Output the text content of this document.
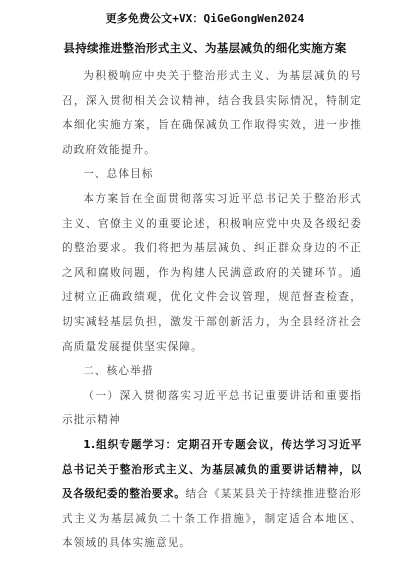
更多免费公文+VX：QiGeGongWen2024
县持续推进整治形式主义、为基层减负的细化实施方案

为积极响应中央关于整治形式主义、为基层减负的号召，深入贯彻相关会议精神，结合我县实际情况，特制定本细化实施方案，旨在确保减负工作取得实效，进一步推动政府效能提升。

一、总体目标

本方案旨在全面贯彻落实习近平总书记关于整治形式主义、官僚主义的重要论述，积极响应党中央及各级纪委的整治要求。我们将把为基层减负、纠正群众身边的不正之风和腐败问题，作为构建人民满意政府的关键环节。通过树立正确政绩观，优化文件会议管理，规范督查检查，切实减轻基层负担，激发干部创新活力，为全县经济社会高质量发展提供坚实保障。

二、核心举措

（一）深入贯彻落实习近平总书记重要讲话和重要指示批示精神

1.组织专题学习：定期召开专题会议，传达学习习近平总书记关于整治形式主义、为基层减负的重要讲话精神，以及各级纪委的整治要求。结合《某某县关于持续推进整治形式主义为基层减负二十条工作措施》，制定适合本地区、本领域的具体实施意见。
